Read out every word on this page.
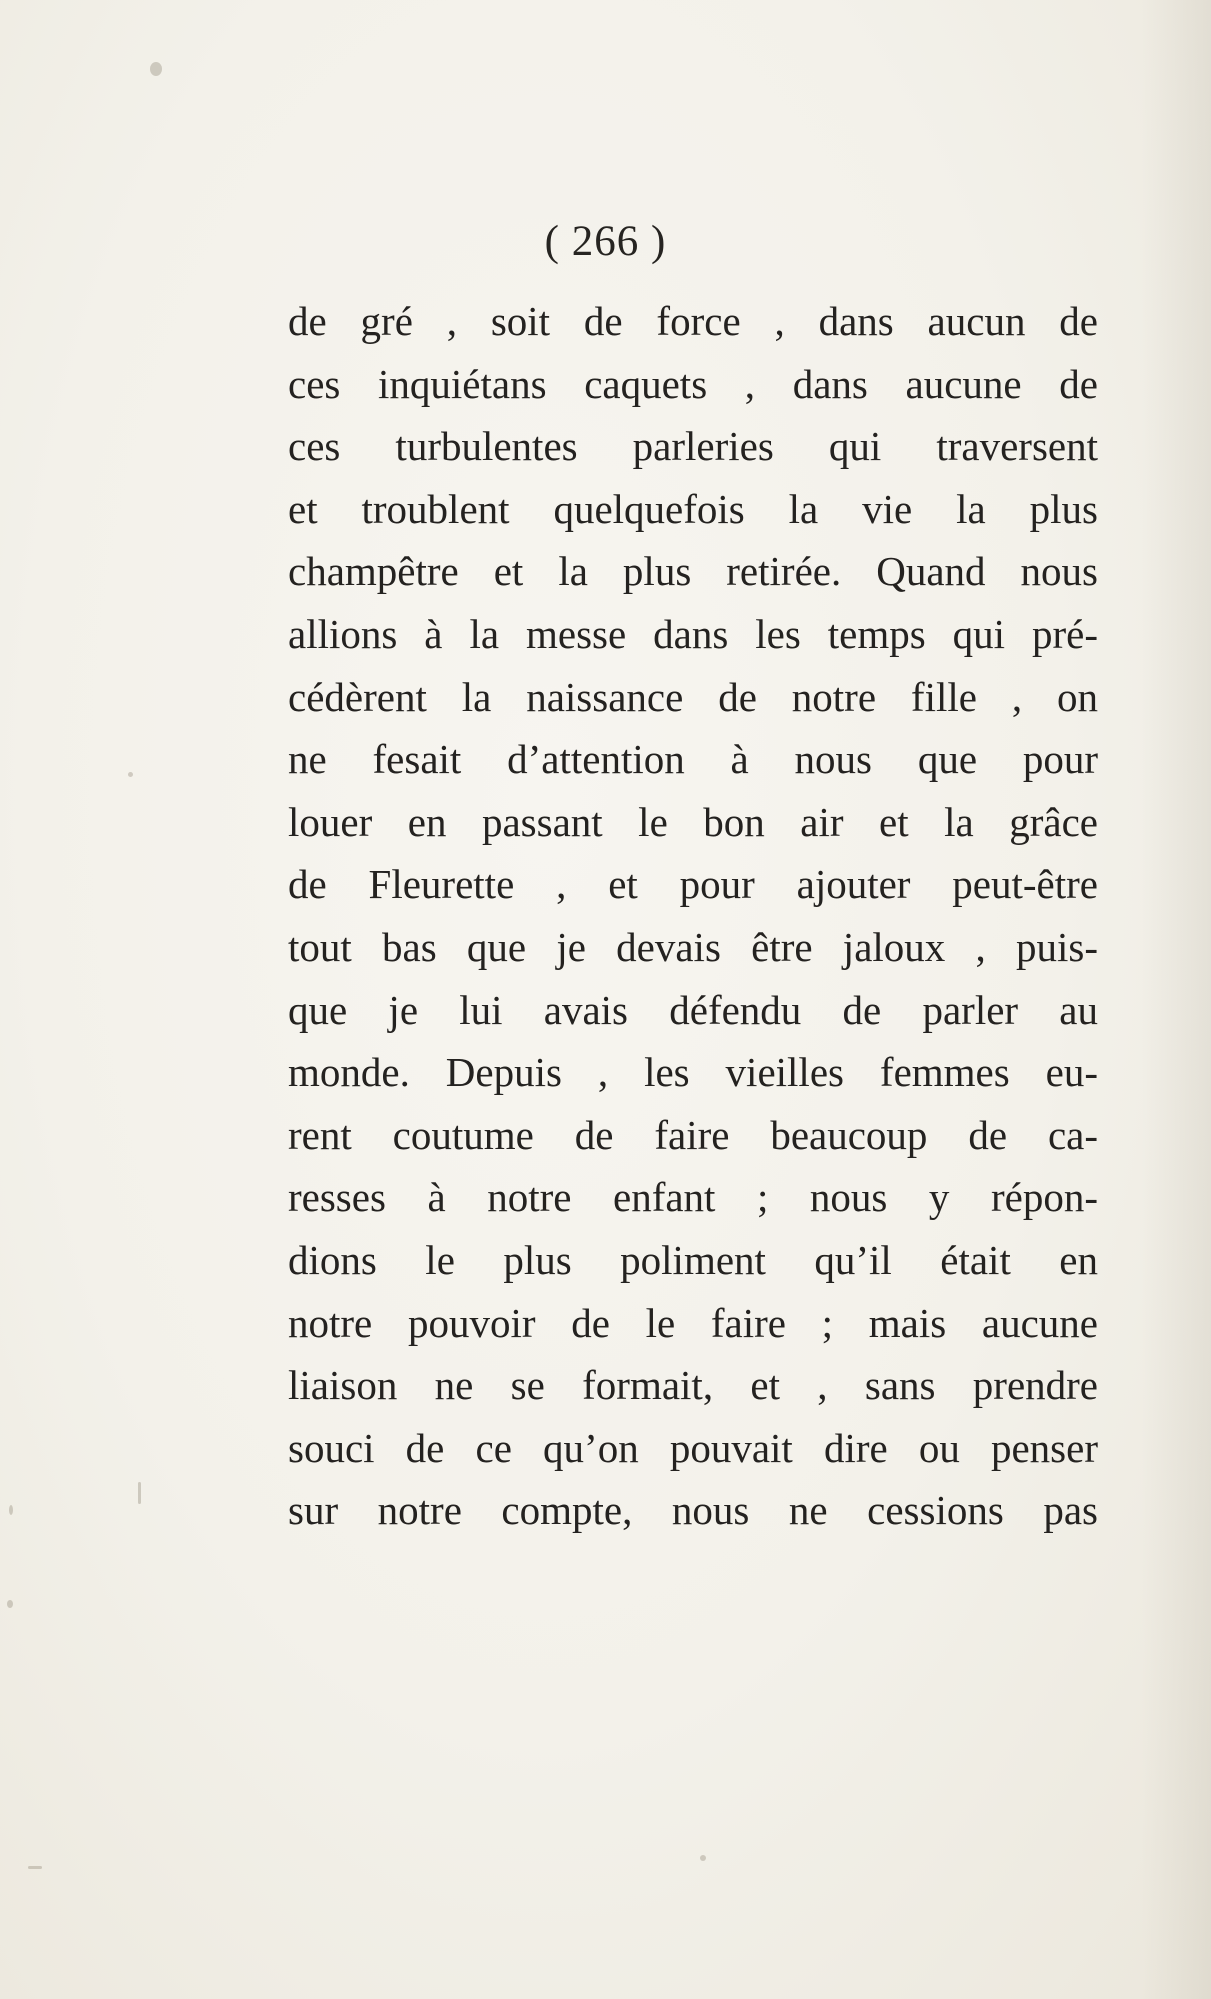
( 266 )
de gré , soit de force , dans aucun de
ces inquiétans caquets , dans aucune de
ces turbulentes parleries qui traversent
et troublent quelquefois la vie la plus
champêtre et la plus retirée. Quand nous
allions à la messe dans les temps qui pré-
cédèrent la naissance de notre fille , on
ne fesait d’attention à nous que pour
louer en passant le bon air et la grâce
de Fleurette , et pour ajouter peut-être
tout bas que je devais être jaloux , puis-
que je lui avais défendu de parler au
monde. Depuis , les vieilles femmes eu-
rent coutume de faire beaucoup de ca-
resses à notre enfant ; nous y répon-
dions le plus poliment qu’il était en
notre pouvoir de le faire ; mais aucune
liaison ne se formait, et , sans prendre
souci de ce qu’on pouvait dire ou penser
sur notre compte, nous ne cessions pas
